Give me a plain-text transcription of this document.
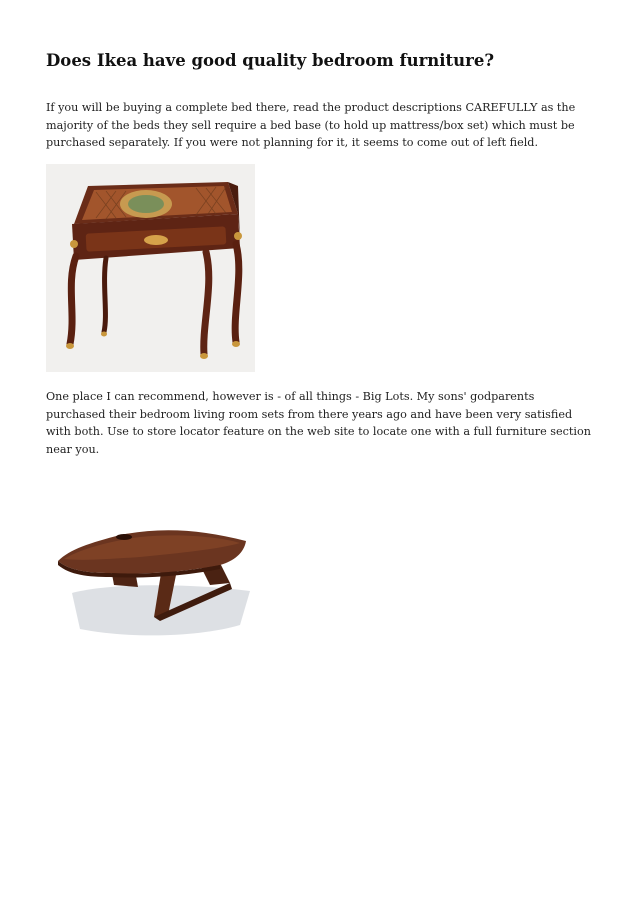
Does Ikea have good quality bedroom furniture?

If you will be buying a complete bed there, read the product descriptions CAREFULLY as the majority of the beds they sell require a bed base (to hold up mattress/box set) which must be purchased separately. If you were not planning for it, it seems to come out of left field.

One place I can recommend, however is - of all things - Big Lots. My sons' godparents purchased their bedroom living room sets from there years ago and have been very satisfied with both. Use to store locator feature on the web site to locate one with a full furniture section near you.
